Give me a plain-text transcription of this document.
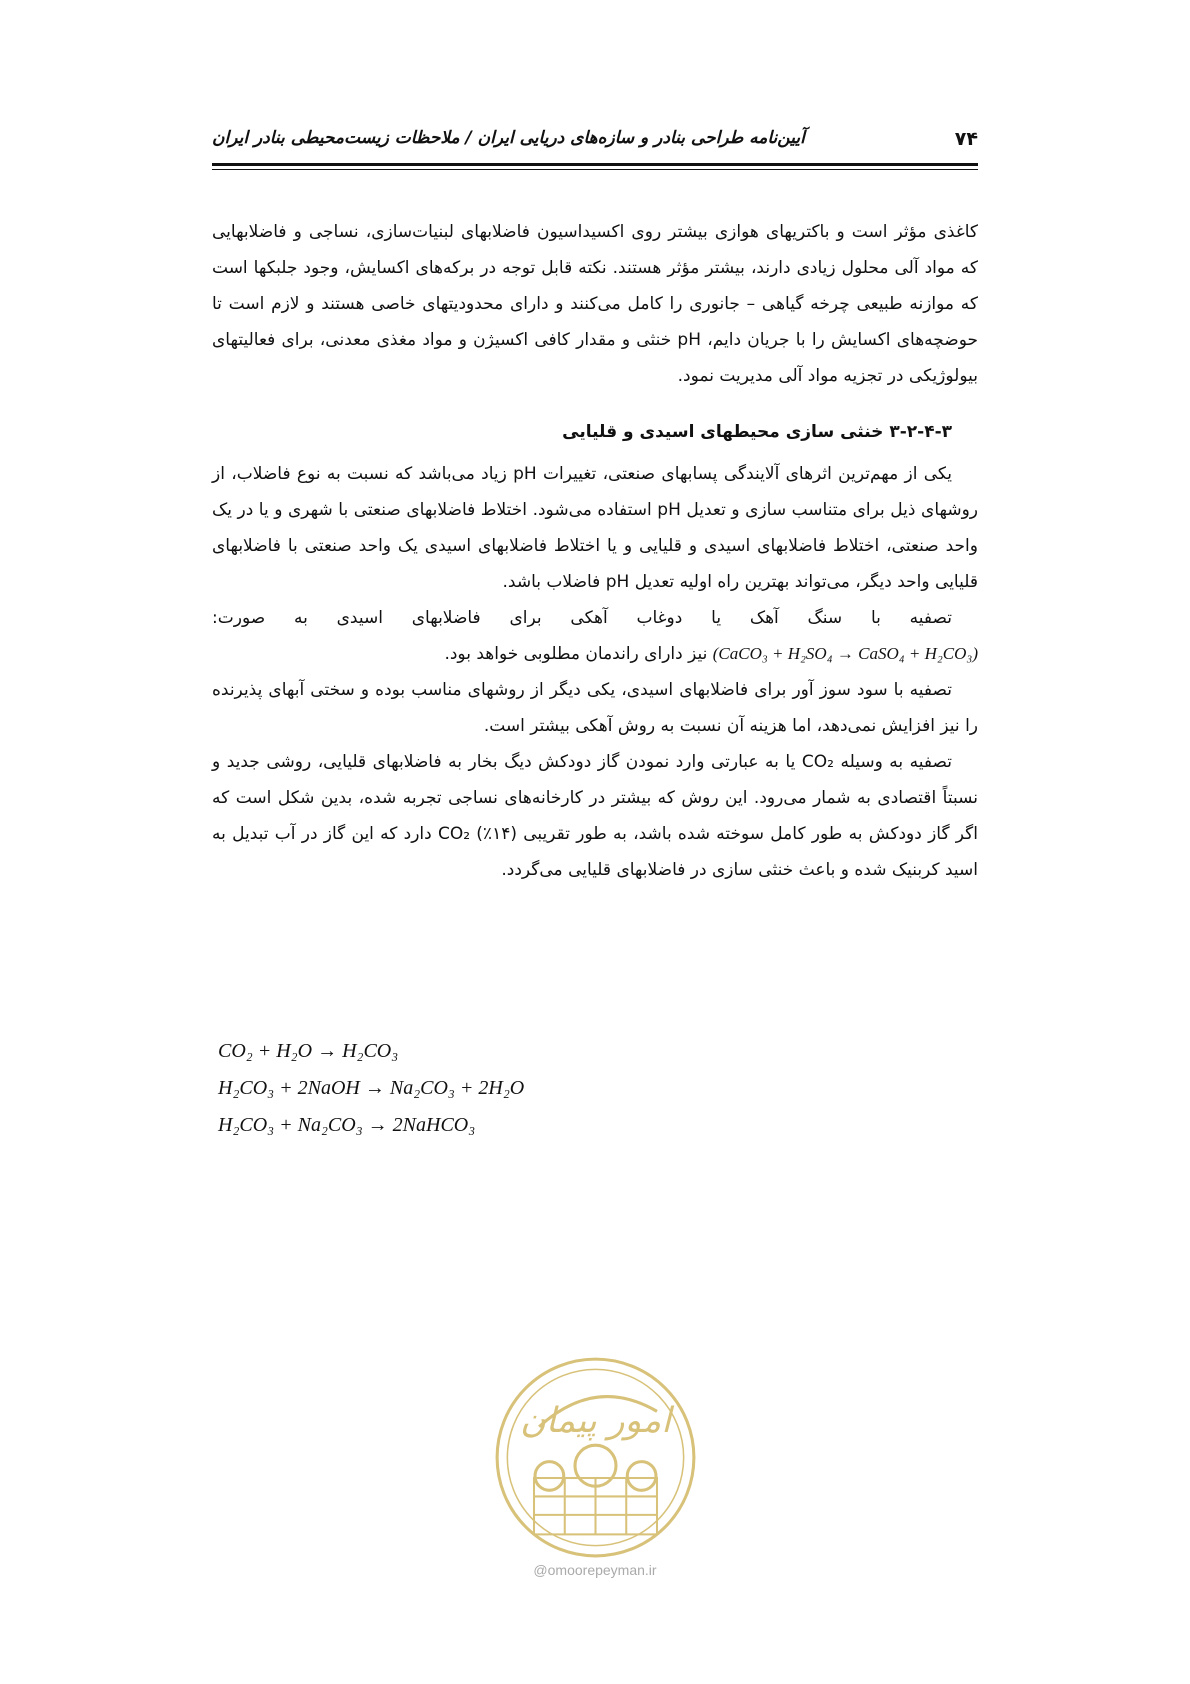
۷۴
آیین‌نامه طراحی بنادر و سازه‌های دریایی ایران / ملاحظات زیست‌محیطی بنادر ایران

کاغذی مؤثر است و باکتریهای هوازی بیشتر روی اکسیداسیون فاضلابهای لبنیات‌سازی، نساجی و فاضلابهایی که مواد آلی محلول زیادی دارند، بیشتر مؤثر هستند. نکته قابل توجه در برکه‌های اکسایش، وجود جلبکها است که موازنه طبیعی چرخه گیاهی – جانوری را کامل می‌کنند و دارای محدودیتهای خاصی هستند و لازم است تا حوضچه‌های اکسایش را با جریان دایم، pH خنثی و مقدار کافی اکسیژن و مواد مغذی معدنی، برای فعالیتهای بیولوژیکی در تجزیه مواد آلی مدیریت نمود.

۳-۲-۴-۳ خنثی سازی محیطهای اسیدی و قلیایی

یکی از مهم‌ترین اثرهای آلایندگی پسابهای صنعتی، تغییرات pH زیاد می‌باشد که نسبت به نوع فاضلاب، از روشهای ذیل برای متناسب سازی و تعدیل pH استفاده می‌شود. اختلاط فاضلابهای صنعتی با شهری و یا در یک واحد صنعتی، اختلاط فاضلابهای اسیدی و قلیایی و یا اختلاط فاضلابهای اسیدی یک واحد صنعتی با فاضلابهای قلیایی واحد دیگر، می‌تواند بهترین راه اولیه تعدیل pH فاضلاب باشد.

تصفیه با سنگ آهک یا دوغاب آهکی برای فاضلابهای اسیدی به صورت: (CaCO₃ + H₂SO₄ → CaSO₄ + H₂CO₃) نیز دارای راندمان مطلوبی خواهد بود.

تصفیه با سود سوز آور برای فاضلابهای اسیدی، یکی دیگر از روشهای مناسب بوده و سختی آبهای پذیرنده را نیز افزایش نمی‌دهد، اما هزینه آن نسبت به روش آهکی بیشتر است.

تصفیه به وسیله CO₂ یا به عبارتی وارد نمودن گاز دودکش دیگ بخار به فاضلابهای قلیایی، روشی جدید و نسبتاً اقتصادی به شمار می‌رود. این روش که بیشتر در کارخانه‌های نساجی تجربه شده، بدین شکل است که اگر گاز دودکش به طور کامل سوخته شده باشد، به طور تقریبی (۱۴٪) CO₂ دارد که این گاز در آب تبدیل به اسید کربنیک شده و باعث خنثی سازی در فاضلابهای قلیایی می‌گردد.

CO₂ + H₂O → H₂CO₃
H₂CO₃ + 2NaOH → Na₂CO₃ + 2H₂O
H₂CO₃ + Na₂CO₃ → 2NaHCO₃
امور پیمان
@omoorepeyman.ir
